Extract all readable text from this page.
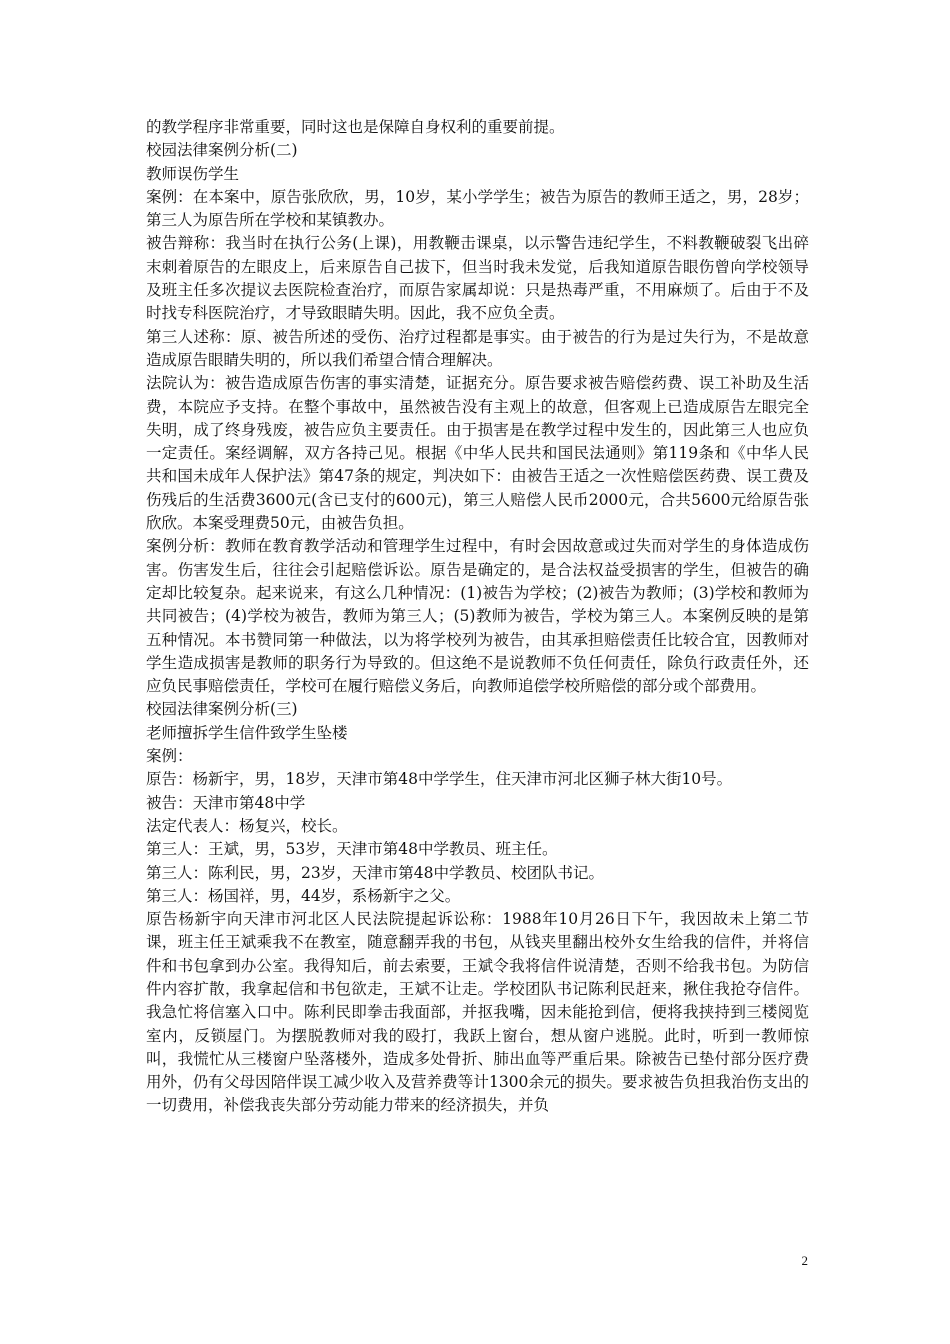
的教学程序非常重要，同时这也是保障自身权利的重要前提。

校园法律案例分析(二)

教师误伤学生

案例：在本案中，原告张欣欣，男，10岁，某小学学生；被告为原告的教师王适之，男，28岁；第三人为原告所在学校和某镇教办。

被告辩称：我当时在执行公务(上课)，用教鞭击课桌，以示警告违纪学生，不料教鞭破裂飞出碎末刺着原告的左眼皮上，后来原告自己拔下，但当时我未发觉，后我知道原告眼伤曾向学校领导及班主任多次提议去医院检查治疗，而原告家属却说：只是热毒严重，不用麻烦了。后由于不及时找专科医院治疗，才导致眼睛失明。因此，我不应负全责。

第三人述称：原、被告所述的受伤、治疗过程都是事实。由于被告的行为是过失行为，不是故意造成原告眼睛失明的，所以我们希望合情合理解决。

法院认为：被告造成原告伤害的事实清楚，证据充分。原告要求被告赔偿药费、误工补助及生活费，本院应予支持。在整个事故中，虽然被告没有主观上的故意，但客观上已造成原告左眼完全失明，成了终身残废，被告应负主要责任。由于损害是在教学过程中发生的，因此第三人也应负一定责任。案经调解，双方各持己见。根据《中华人民共和国民法通则》第119条和《中华人民共和国未成年人保护法》第47条的规定，判决如下：由被告王适之一次性赔偿医药费、误工费及伤残后的生活费3600元(含已支付的600元)，第三人赔偿人民币2000元，合共5600元给原告张欣欣。本案受理费50元，由被告负担。

案例分析：教师在教育教学活动和管理学生过程中，有时会因故意或过失而对学生的身体造成伤害。伤害发生后，往往会引起赔偿诉讼。原告是确定的，是合法权益受损害的学生，但被告的确定却比较复杂。起来说来，有这么几种情况：(1)被告为学校；(2)被告为教师；(3)学校和教师为共同被告；(4)学校为被告，教师为第三人；(5)教师为被告，学校为第三人。本案例反映的是第五种情况。本书赞同第一种做法，以为将学校列为被告，由其承担赔偿责任比较合宜，因教师对学生造成损害是教师的职务行为导致的。但这绝不是说教师不负任何责任，除负行政责任外，还应负民事赔偿责任，学校可在履行赔偿义务后，向教师追偿学校所赔偿的部分或个部费用。

校园法律案例分析(三)

老师擅拆学生信件致学生坠楼

案例：

原告：杨新宇，男，18岁，天津市第48中学学生，住天津市河北区狮子林大街10号。

被告：天津市第48中学

法定代表人：杨复兴，校长。

第三人：王斌，男，53岁，天津市第48中学教员、班主任。

第三人：陈利民，男，23岁，天津市第48中学教员、校团队书记。

第三人：杨国祥，男，44岁，系杨新宇之父。

原告杨新宇向天津市河北区人民法院提起诉讼称：1988年10月26日下午，我因故未上第二节课，班主任王斌乘我不在教室，随意翻弄我的书包，从钱夹里翻出校外女生给我的信件，并将信件和书包拿到办公室。我得知后，前去索要，王斌令我将信件说清楚，否则不给我书包。为防信件内容扩散，我拿起信和书包欲走，王斌不让走。学校团队书记陈利民赶来，揪住我抢夺信件。我急忙将信塞入口中。陈利民即拳击我面部，并抠我嘴，因未能抢到信，便将我挟持到三楼阅览室内，反锁屋门。为摆脱教师对我的殴打，我跃上窗台，想从窗户逃脱。此时，听到一教师惊叫，我慌忙从三楼窗户坠落楼外，造成多处骨折、肺出血等严重后果。除被告已垫付部分医疗费用外，仍有父母因陪伴误工减少收入及营养费等计1300余元的损失。要求被告负担我治伤支出的一切费用，补偿我丧失部分劳动能力带来的经济损失，并负

2
